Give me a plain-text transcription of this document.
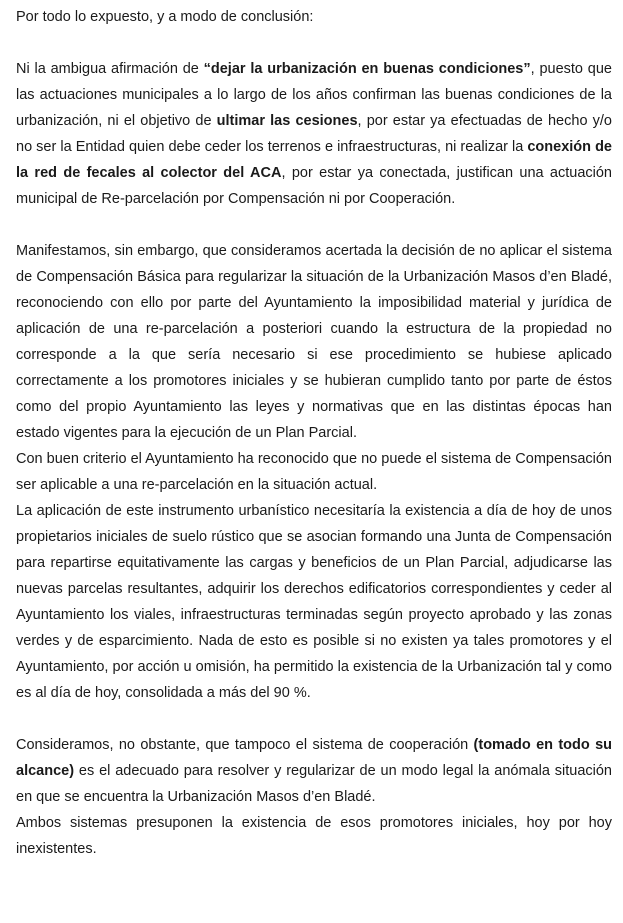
Por todo lo expuesto, y a modo de conclusión:

Ni la ambigua afirmación de “dejar la urbanización en buenas condiciones”, puesto que las actuaciones municipales a lo largo de los años confirman las buenas condiciones de la urbanización, ni el objetivo de ultimar las cesiones, por estar ya efectuadas de hecho y/o no ser la Entidad quien debe ceder los terrenos e infraestructuras, ni realizar la conexión de la red de fecales al colector del ACA, por estar ya conectada, justifican una actuación municipal de Re-parcelación por Compensación ni por Cooperación.

Manifestamos, sin embargo, que consideramos acertada la decisión de no aplicar el sistema de Compensación Básica para regularizar la situación de la Urbanización Masos d’en Bladé, reconociendo con ello por parte del Ayuntamiento la imposibilidad material y jurídica de aplicación de una re-parcelación a posteriori cuando la estructura de la propiedad no corresponde a la que sería necesario si ese procedimiento se hubiese aplicado correctamente a los promotores iniciales y se hubieran cumplido tanto por parte de éstos como del propio Ayuntamiento las leyes y normativas que en las distintas épocas han estado vigentes para la ejecución de un Plan Parcial.

Con buen criterio el Ayuntamiento ha reconocido que no puede el sistema de Compensación ser aplicable a una re-parcelación en la situación actual.

La aplicación de este instrumento urbanístico necesitaría la existencia a día de hoy de unos propietarios iniciales de suelo rústico que se asocian formando una Junta de Compensación para repartirse equitativamente las cargas y beneficios de un Plan Parcial, adjudicarse las nuevas parcelas resultantes, adquirir los derechos edificatorios correspondientes y ceder al Ayuntamiento los viales, infraestructuras terminadas según proyecto aprobado y las zonas verdes y de esparcimiento. Nada de esto es posible si no existen ya tales promotores y el Ayuntamiento, por acción u omisión, ha permitido la existencia de la Urbanización tal y como es al día de hoy, consolidada a más del 90 %.

Consideramos, no obstante, que tampoco el sistema de cooperación (tomado en todo su alcance) es el adecuado para resolver y regularizar de un modo legal la anómala situación en que se encuentra la Urbanización Masos d’en Bladé.

Ambos sistemas presuponen la existencia de esos promotores iniciales, hoy por hoy inexistentes.
